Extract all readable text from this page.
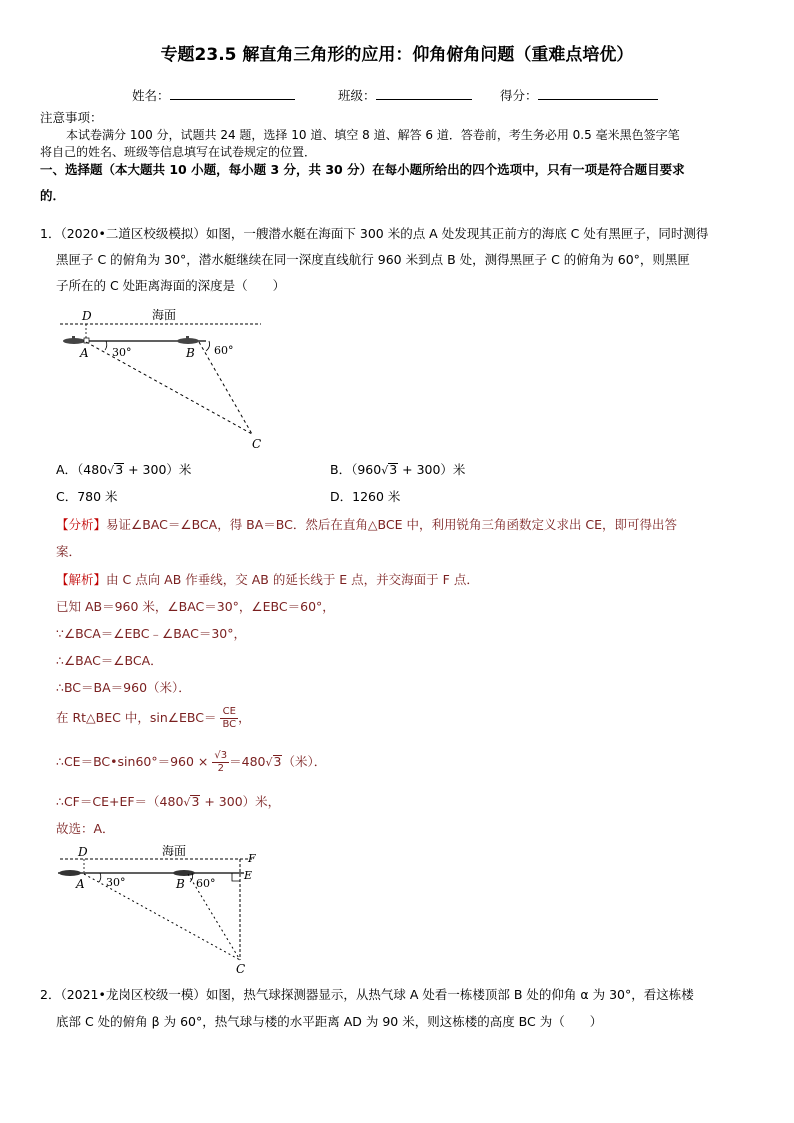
专题23.5 解直角三角形的应用：仰角俯角问题（重难点培优）
姓名：	班级：	得分：
注意事项：
本试卷满分 100 分，试题共 24 题，选择 10 道、填空 8 道、解答 6 道．答卷前，考生务必用 0.5 毫米黑色签字笔
将自己的姓名、班级等信息填写在试卷规定的位置．
一、选择题（本大题共 10 小题，每小题 3 分，共 30 分）在每小题所给出的四个选项中，只有一项是符合题目要求
的．
1．（2020•二道区校级模拟）如图，一艘潜水艇在海面下 300 米的点 A 处发现其正前方的海底 C 处有黑匣子，同时测得
黑匣子 C 的俯角为 30°，潜水艇继续在同一深度直线航行 960 米到点 B 处，测得黑匣子 C 的俯角为 60°，则黑匣
子所在的 C 处距离海面的深度是（　　）
D	海面
A 30°	B 60°
C
A．（480√3 + 300）米	B．（960√3 + 300）米
C．780 米	D．1260 米
【分析】易证∠BAC＝∠BCA，得 BA＝BC．然后在直角△BCE 中，利用锐角三角函数定义求出 CE，即可得出答
案．
【解析】由 C 点向 AB 作垂线，交 AB 的延长线于 E 点，并交海面于 F 点．
已知 AB＝960 米，∠BAC＝30°，∠EBC＝60°，
∵∠BCA＝∠EBC﹣∠BAC＝30°，
∴∠BAC＝∠BCA．
∴BC＝BA＝960（米）．
在 Rt△BEC 中，sin∠EBC＝ $\frac{CE}{BC}$ ，
∴CE＝BC•sin60°＝960 × $\frac{√3}{2} =480√3$（米）．
∴CF＝CE+EF＝（480√3 + 300）米，
故选：A．
D	海面
F
A 30°	B 60°
E
C
2．（2021•龙岗区校级一模）如图，热气球探测器显示，从热气球 A 处看一栋楼顶部 B 处的仰角 α 为 30°，看这栋楼
底部 C 处的俯角 β 为 60°，热气球与楼的水平距离 AD 为 90 米，则这栋楼的高度 BC 为（　　）
